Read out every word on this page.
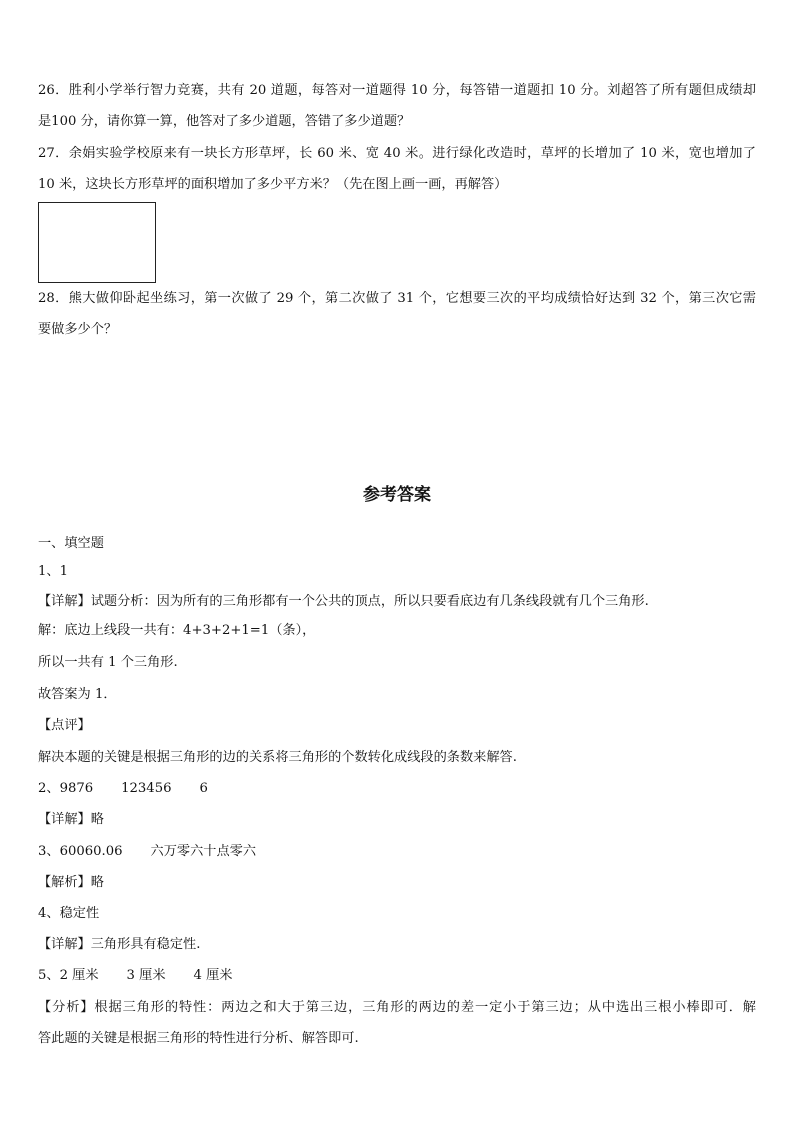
26．胜利小学举行智力竞赛，共有 20 道题，每答对一道题得 10 分，每答错一道题扣 10 分。刘超答了所有题但成绩却
是100 分，请你算一算，他答对了多少道题，答错了多少道题？
27．余娟实验学校原来有一块长方形草坪，长 60 米、宽 40 米。进行绿化改造时，草坪的长增加了 10 米，宽也增加了
10 米，这块长方形草坪的面积增加了多少平方米？（先在图上画一画，再解答）
28．熊大做仰卧起坐练习，第一次做了 29 个，第二次做了 31 个，它想要三次的平均成绩恰好达到 32 个，第三次它需
要做多少个？
参考答案
一、填空题
1、1
【详解】试题分析：因为所有的三角形都有一个公共的顶点，所以只要看底边有几条线段就有几个三角形.
解：底边上线段一共有：4+3+2+1=1（条），
所以一共有 1 个三角形.
故答案为 1．
【点评】
解决本题的关键是根据三角形的边的关系将三角形的个数转化成线段的条数来解答.
2、9876 123456 6
【详解】略
3、60060.06 六万零六十点零六
【解析】略
4、稳定性
【详解】三角形具有稳定性.
5、2 厘米 3 厘米 4 厘米
【分析】根据三角形的特性：两边之和大于第三边，三角形的两边的差一定小于第三边；从中选出三根小棒即可．解
答此题的关键是根据三角形的特性进行分析、解答即可.
